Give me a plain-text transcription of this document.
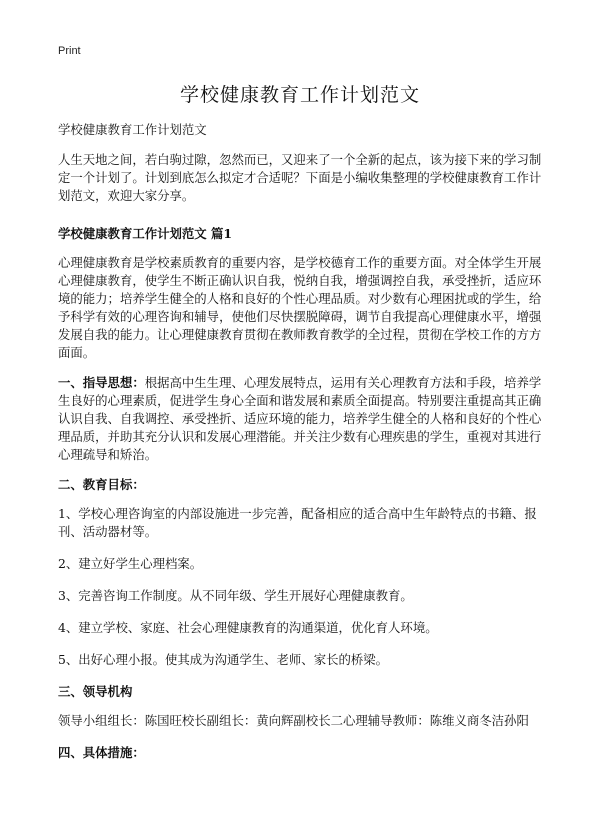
Print
学校健康教育工作计划范文

学校健康教育工作计划范文

人生天地之间，若白驹过隙，忽然而已，又迎来了一个全新的起点，该为接下来的学习制定一个计划了。计划到底怎么拟定才合适呢？下面是小编收集整理的学校健康教育工作计划范文，欢迎大家分享。

学校健康教育工作计划范文 篇1

心理健康教育是学校素质教育的重要内容，是学校德育工作的重要方面。对全体学生开展心理健康教育，使学生不断正确认识自我，悦纳自我，增强调控自我，承受挫折，适应环境的能力；培养学生健全的人格和良好的个性心理品质。对少数有心理困扰或的学生，给予科学有效的心理咨询和辅导，使他们尽快摆脱障碍，调节自我提高心理健康水平，增强发展自我的能力。让心理健康教育贯彻在教师教育教学的全过程，贯彻在学校工作的方方面面。

一、指导思想：根据高中生生理、心理发展特点，运用有关心理教育方法和手段，培养学生良好的心理素质，促进学生身心全面和谐发展和素质全面提高。特别要注重提高其正确认识自我、自我调控、承受挫折、适应环境的能力，培养学生健全的人格和良好的个性心理品质，并助其充分认识和发展心理潜能。并关注少数有心理疾患的学生，重视对其进行心理疏导和矫治。

二、教育目标：

1、学校心理咨询室的内部设施进一步完善，配备相应的适合高中生年龄特点的书籍、报刊、活动器材等。

2、建立好学生心理档案。

3、完善咨询工作制度。从不同年级、学生开展好心理健康教育。

4、建立学校、家庭、社会心理健康教育的沟通渠道，优化育人环境。

5、出好心理小报。使其成为沟通学生、老师、家长的桥梁。

三、领导机构

领导小组组长：陈国旺校长副组长：黄向辉副校长二心理辅导教师：陈维义商冬洁孙阳

四、具体措施：
